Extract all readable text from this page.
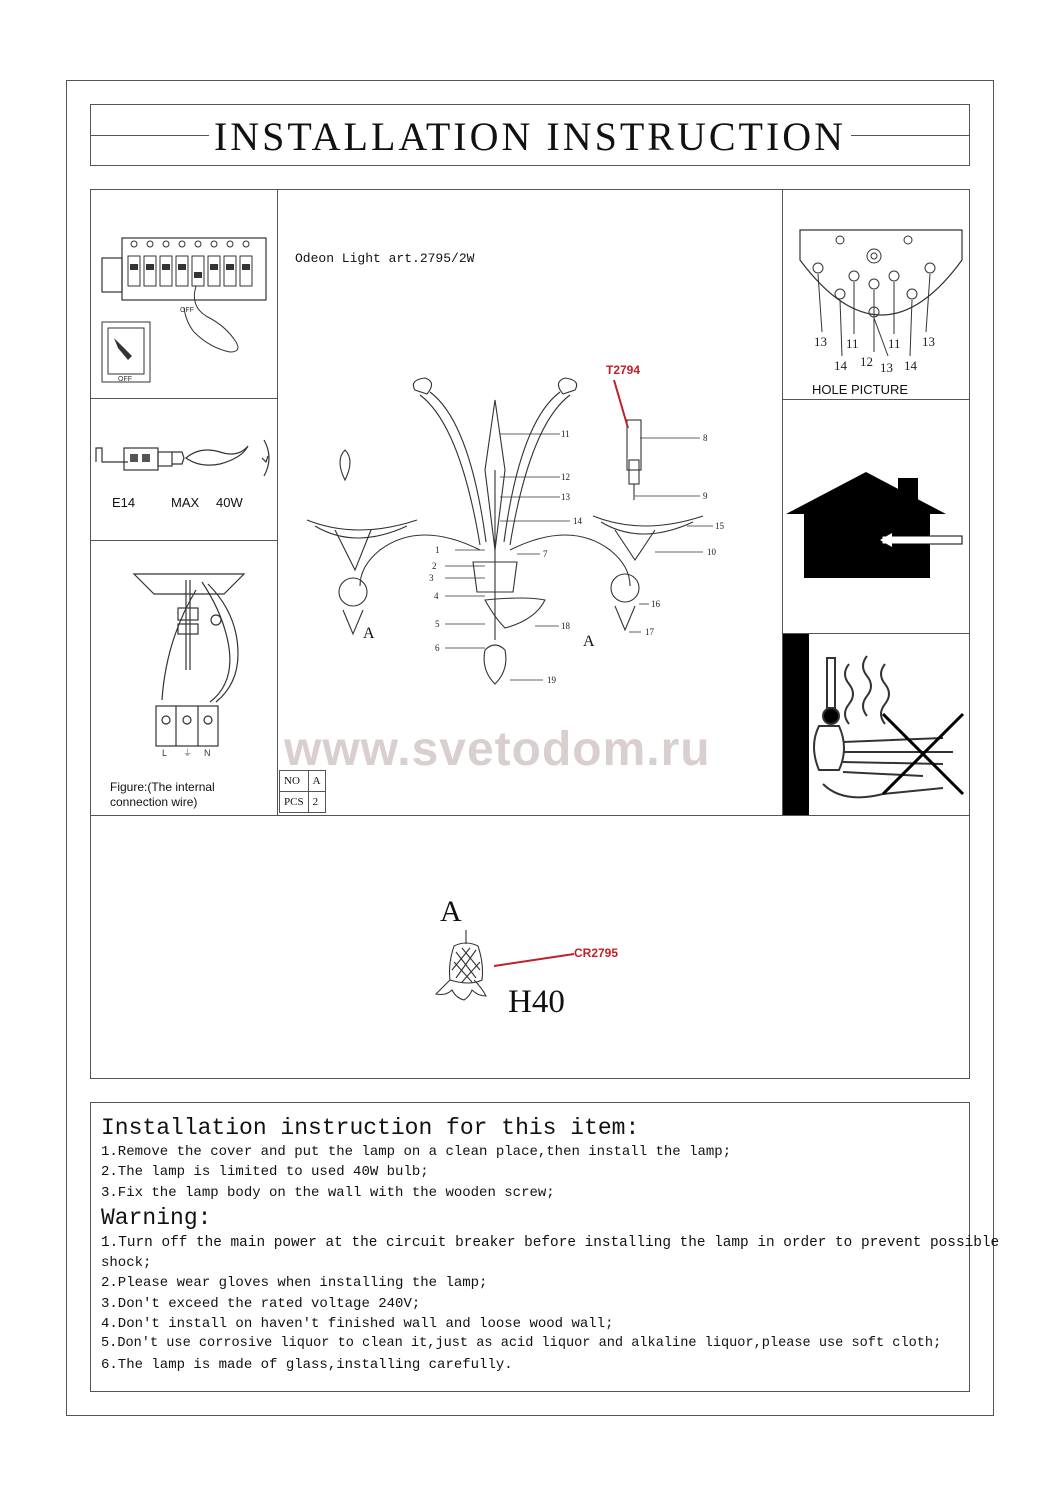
INSTALLATION INSTRUCTION
OFF
OFF
E14	MAX 40W
L ⏚ N
Figure:(The internal
connection wire)
Odeon Light art.2795/2W
A	A
11
12
13
14
1
2
3
4
5
6
7
8
9
15
10
16
17
18
19
T2794
www.svetodom.ru
NO	A
PCS	2
13 11 11 13
14 12 13 14
HOLE PICTURE
A
CR2795
H40
Installation instruction for this item:
1.Remove the cover and put the lamp on a clean place,then install the lamp;
2.The lamp is limited to used 40W bulb;
3.Fix the lamp body on the wall with the wooden screw;
Warning:
1.Turn off the main power at the circuit breaker before installing the lamp in order to prevent possible
shock;
2.Please wear gloves when installing the lamp;
3.Don't exceed the rated voltage 240V;
4.Don't install on haven't finished wall and loose wood wall;
5.Don't use corrosive liquor to clean it,just as acid liquor and alkaline liquor,please use soft cloth;
6.The lamp is made of glass,installing carefully.
